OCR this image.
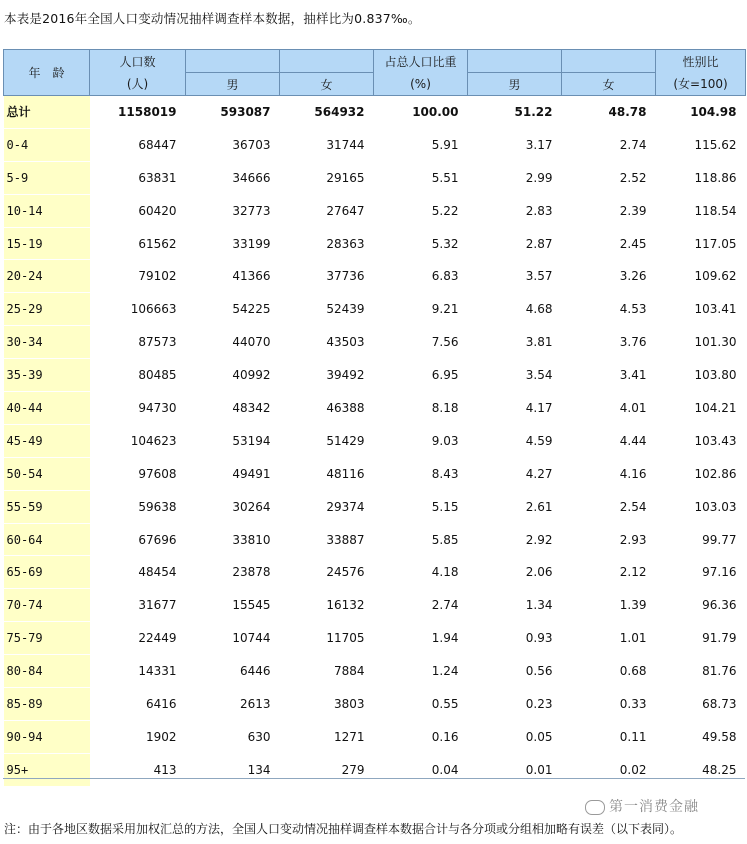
本表是2016年全国人口变动情况抽样调查样本数据，抽样比为0.837‰。
年　龄	人口数			占总人口比重			性别比
	(人)	男	女	(%)	男	女	(女=100)
总计	1158019	593087	564932	100.00	51.22	48.78	104.98
0-4	68447	36703	31744	5.91	3.17	2.74	115.62
5-9	63831	34666	29165	5.51	2.99	2.52	118.86
10-14	60420	32773	27647	5.22	2.83	2.39	118.54
15-19	61562	33199	28363	5.32	2.87	2.45	117.05
20-24	79102	41366	37736	6.83	3.57	3.26	109.62
25-29	106663	54225	52439	9.21	4.68	4.53	103.41
30-34	87573	44070	43503	7.56	3.81	3.76	101.30
35-39	80485	40992	39492	6.95	3.54	3.41	103.80
40-44	94730	48342	46388	8.18	4.17	4.01	104.21
45-49	104623	53194	51429	9.03	4.59	4.44	103.43
50-54	97608	49491	48116	8.43	4.27	4.16	102.86
55-59	59638	30264	29374	5.15	2.61	2.54	103.03
60-64	67696	33810	33887	5.85	2.92	2.93	99.77
65-69	48454	23878	24576	4.18	2.06	2.12	97.16
70-74	31677	15545	16132	2.74	1.34	1.39	96.36
75-79	22449	10744	11705	1.94	0.93	1.01	91.79
80-84	14331	6446	7884	1.24	0.56	0.68	81.76
85-89	6416	2613	3803	0.55	0.23	0.33	68.73
90-94	1902	630	1271	0.16	0.05	0.11	49.58
95+	413	134	279	0.04	0.01	0.02	48.25
第一消费金融
注：由于各地区数据采用加权汇总的方法，全国人口变动情况抽样调查样本数据合计与各分项或分组相加略有误差（以下表同）。
